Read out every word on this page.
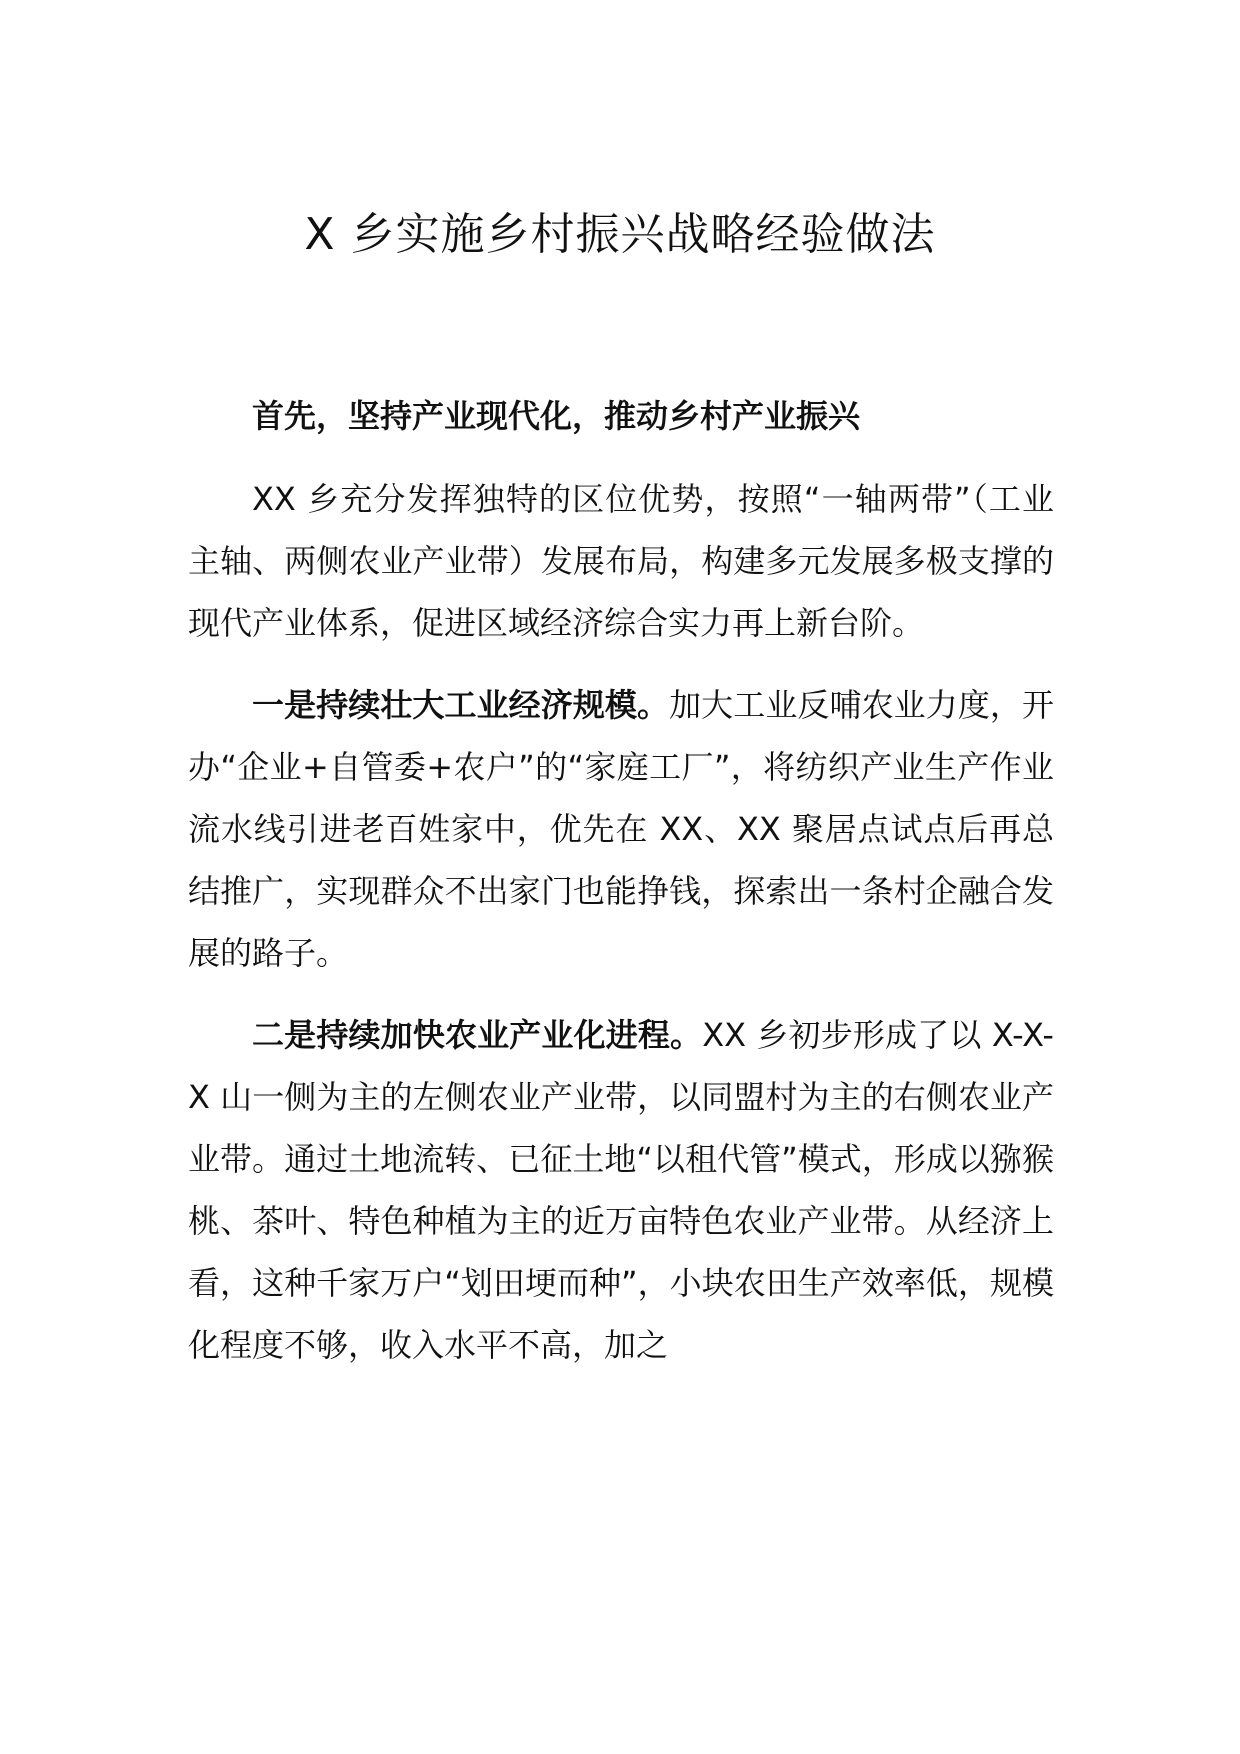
X 乡实施乡村振兴战略经验做法

首先，坚持产业现代化，推动乡村产业振兴

XX 乡充分发挥独特的区位优势，按照“一轴两带”（工业主轴、两侧农业产业带）发展布局，构建多元发展多极支撑的现代产业体系，促进区域经济综合实力再上新台阶。

一是持续壮大工业经济规模。加大工业反哺农业力度，开办“企业+自管委+农户”的“家庭工厂”，将纺织产业生产作业流水线引进老百姓家中，优先在 XX、XX 聚居点试点后再总结推广，实现群众不出家门也能挣钱，探索出一条村企融合发展的路子。

二是持续加快农业产业化进程。XX 乡初步形成了以 X-X-X 山一侧为主的左侧农业产业带，以同盟村为主的右侧农业产业带。通过土地流转、已征土地“以租代管”模式，形成以猕猴桃、茶叶、特色种植为主的近万亩特色农业产业带。从经济上看，这种千家万户“划田埂而种”，小块农田生产效率低，规模化程度不够，收入水平不高，加之
